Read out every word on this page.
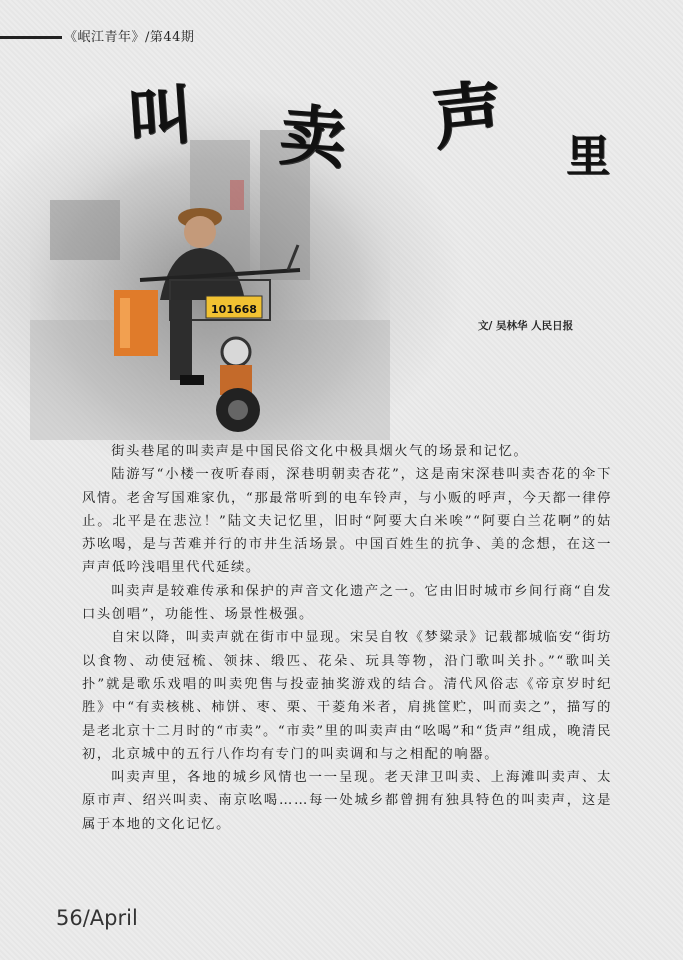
《岷江青年》/第44期
101668
叫 卖 声 里
文/ 吴林华 人民日报

街头巷尾的叫卖声是中国民俗文化中极具烟火气的场景和记忆。

陆游写“小楼一夜听春雨，深巷明朝卖杏花”，这是南宋深巷叫卖杏花的伞下风情。老舍写国难家仇，“那最常听到的电车铃声，与小贩的呼声，今天都一律停止。北平是在悲泣！”陆文夫记忆里，旧时“阿要大白米唉”“阿要白兰花啊”的姑苏吆喝，是与苦难并行的市井生活场景。中国百姓生的抗争、美的念想，在这一声声低吟浅唱里代代延续。

叫卖声是较难传承和保护的声音文化遗产之一。它由旧时城市乡间行商“自发口头创唱”，功能性、场景性极强。

自宋以降，叫卖声就在街市中显现。宋吴自牧《梦粱录》记载都城临安“街坊以食物、动使冠梳、领抹、缎匹、花朵、玩具等物，沿门歌叫关扑。”“歌叫关扑”就是歌乐戏唱的叫卖兜售与投壶抽奖游戏的结合。清代风俗志《帝京岁时纪胜》中“有卖核桃、柿饼、枣、栗、干菱角米者，肩挑筐贮，叫而卖之”，描写的是老北京十二月时的“市卖”。“市卖”里的叫卖声由“吆喝”和“货声”组成，晚清民初，北京城中的五行八作均有专门的叫卖调和与之相配的响器。

叫卖声里，各地的城乡风情也一一呈现。老天津卫叫卖、上海滩叫卖声、太原市声、绍兴叫卖、南京吆喝……每一处城乡都曾拥有独具特色的叫卖声，这是属于本地的文化记忆。

56/April
